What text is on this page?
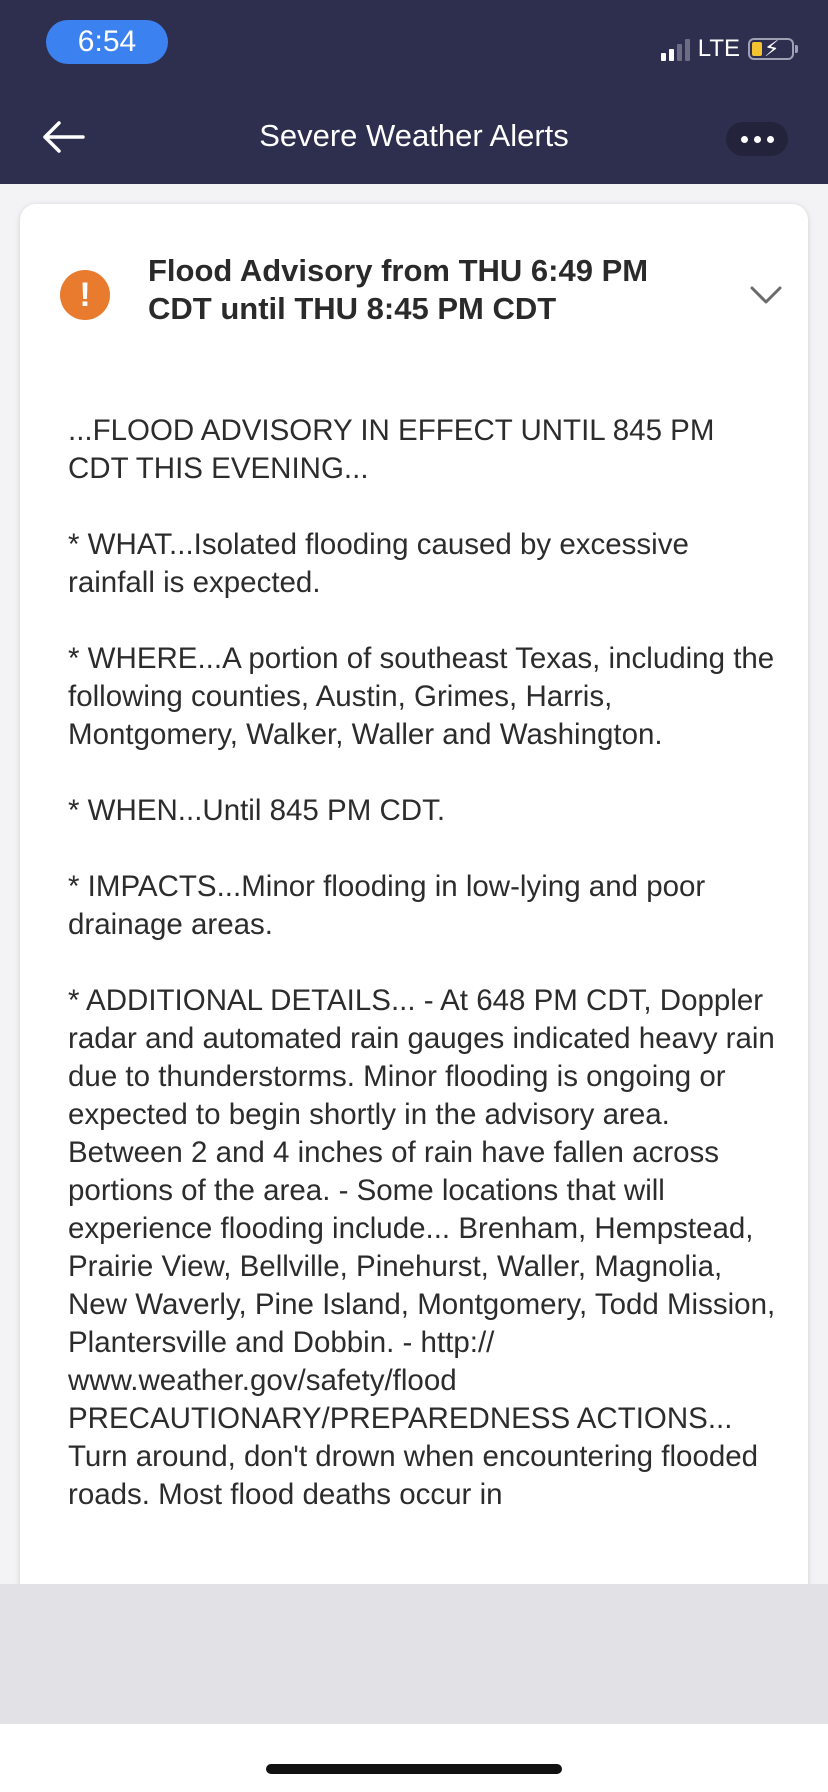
6:54	LTE ⚡
Severe Weather Alerts
!
Flood Advisory from THU 6:49 PM CDT until THU 8:45 PM CDT

...FLOOD ADVISORY IN EFFECT UNTIL 845 PM CDT THIS EVENING...

* WHAT...Isolated flooding caused by excessive rainfall is expected.

* WHERE...A portion of southeast Texas, including the following counties, Austin, Grimes, Harris, Montgomery, Walker, Waller and Washington.

* WHEN...Until 845 PM CDT.

* IMPACTS...Minor flooding in low-lying and poor drainage areas.

* ADDITIONAL DETAILS... - At 648 PM CDT, Doppler radar and automated rain gauges indicated heavy rain due to thunderstorms. Minor flooding is ongoing or expected to begin shortly in the advisory area. Between 2 and 4 inches of rain have fallen across portions of the area. - Some locations that will experience flooding include... Brenham, Hempstead, Prairie View, Bellville, Pinehurst, Waller, Magnolia, New Waverly, Pine Island, Montgomery, Todd Mission, Plantersville and Dobbin. - http:// www.weather.gov/safety/flood PRECAUTIONARY/PREPAREDNESS ACTIONS... Turn around, don't drown when encountering flooded roads. Most flood deaths occur in
